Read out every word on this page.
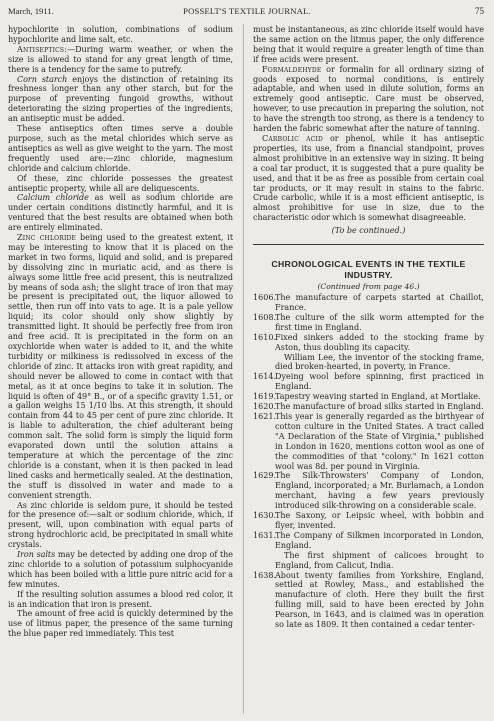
March, 1911.	POSSELT'S TEXTILE JOURNAL.	75

hypochlorite in solution, combinations of sodium hypochlorite and lime salt, etc.

Antiseptics:—During warm weather, or when the size is allowed to stand for any great length of time, there is a tendency for the same to putrefy.

Corn starch enjoys the distinction of retaining its freshness longer than any other starch, but for the purpose of preventing fungoid growths, without deteriorating the sizing properties of the ingredients, an antiseptic must be added.

These antiseptics often times serve a double purpose, such as the metal chlorides which serve as antiseptics as well as give weight to the yarn. The most frequently used are:—zinc chloride, magnesium chloride and calcium chloride.

Of these, zinc chloride possesses the greatest antiseptic property, while all are deliquescents.

Calcium chloride as well as sodium chloride are under certain conditions distinctly harmful, and it is ventured that the best results are obtained when both are entirely eliminated.

Zinc chloride being used to the greatest extent, it may be interesting to know that it is placed on the market in two forms, liquid and solid, and is prepared by dissolving zinc in muriatic acid, and as there is always some little free acid present, this is neutralized by means of soda ash; the slight trace of iron that may be present is precipitated out, the liquor allowed to settle, then run off into vats to age. It is a pale yellow liquid; its color should only show slightly by transmitted light. It should be perfectly free from iron and free acid. It is precipitated in the form on an oxychloride when water is added to it, and the white turbidity or milkiness is redissolved in excess of the chloride of zinc. It attacks iron with great rapidity, and should never be allowed to come in contact with that metal, as it at once begins to take it in solution. The liquid is often of 49° B., or of a specific gravity 1.51, or a gallon weighs 15 1/10 lbs. At this strength, it should contain from 44 to 45 per cent of pure zinc chloride. It is liable to adulteration, the chief adulterant being common salt. The solid form is simply the liquid form evaporated down until the solution attains a temperature at which the percentage of the zinc chloride is a constant, when it is then packed in lead lined casks and hermetically sealed. At the destination, the stuff is dissolved in water and made to a convenient strength.

As zinc chloride is seldom pure, it should be tested for the presence of:—salt or sodium chloride, which, if present, will, upon combination with equal parts of strong hydrochloric acid, be precipitated in small white crystals.

Iron salts may be detected by adding one drop of the zinc chloride to a solution of potassium sulphocyanide which has been boiled with a little pure nitric acid for a few minutes.

If the resulting solution assumes a blood red color, it is an indication that iron is present.

The amount of free acid is quickly determined by the use of litmus paper, the presence of the same turning the blue paper red immediately. This test

must be instantaneous, as zinc chloride itself would have the same action on the litmus paper, the only difference being that it would require a greater length of time than if free acids were present.

Formaldehyde or formalin for all ordinary sizing of goods exposed to normal conditions, is entirely adaptable, and when used in dilute solution, forms an extremely good antiseptic. Care must be observed, however, to use precaution in preparing the solution, not to have the strength too strong, as there is a tendency to harden the fabric somewhat after the nature of tanning.

Carbolic acid or phenol, while it has antiseptic properties, its use, from a financial standpoint, proves almost prohibitive in an extensive way in sizing. It being a coal tar product, it is suggested that a pure quality be used, and that it be as free as possible from certain coal tar products, or it may result in stains to the fabric. Crude carbolic, while it is a most efficient antiseptic, is almost prohibitive for use in size, due to the characteristic odor which is somewhat disagreeable.

(To be continued.)
CHRONOLOGICAL EVENTS IN THE TEXTILE
INDUSTRY.
(Continued from page 46.)
1606.
The manufacture of carpets started at Chaillot, France.
1608.
The culture of the silk worm attempted for the first time in England.
1610.
Fixed sinkers added to the stocking frame by Aston, thus doubling its capacity.
William Lee, the inventor of the stocking frame, died broken-hearted, in poverty, in France.
1614.
Dyeing wool before spinning, first practiced in England.
1619.
Tapestry weaving started in England, at Mortlake.
1620.
The manufacture of broad silks started in England.
1621.
This year is generally regarded as the birthyear of cotton culture in the United States. A tract called "A Declaration of the State of Virginia," published in London in 1620, mentions cotton wool as one of the commodities of that "colony." In 1621 cotton wool was 8d. per pound in Virginia.
1629.
The Silk-Throwsters' Company of London, England, incorporated; a Mr. Burlamach, a London merchant, having a few years previously introduced silk-throwing on a considerable scale.
1630.
The Saxony, or Leipsic wheel, with bobbin and flyer, invented.
1631.
The Company of Silkmen incorporated in London, England.
The first shipment of calicoes brought to England, from Calicut, India.
1638.
About twenty families from Yorkshire, England, settled at Rowley, Mass., and established the manufacture of cloth. Here they built the first fulling mill, said to have been erected by John Pearson, in 1643, and is claimed was in operation so late as 1809. It then contained a cedar tenter-
